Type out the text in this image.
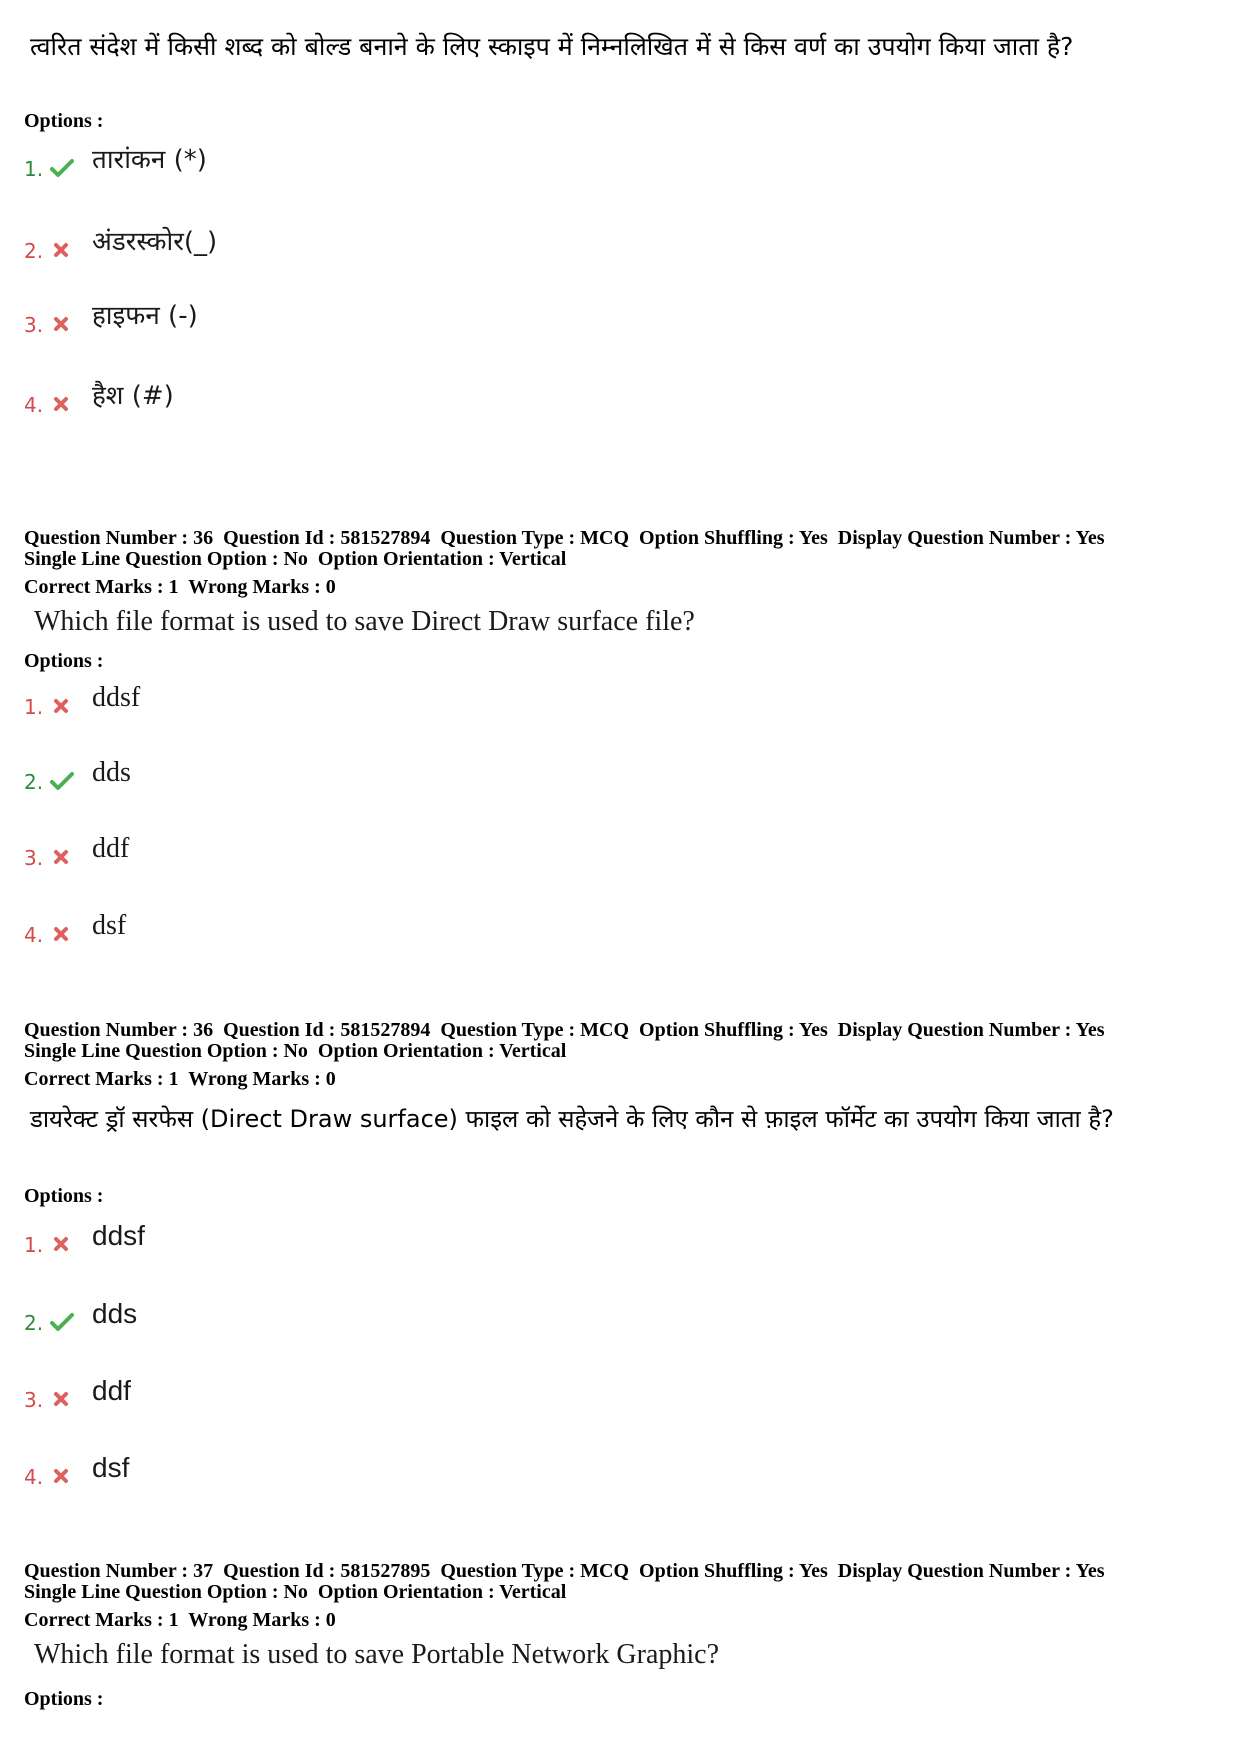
त्वरित संदेश में किसी शब्द को बोल्ड बनाने के लिए स्काइप में निम्नलिखित में से किस वर्ण का उपयोग किया जाता है?
Options :
1. तारांकन (*)
2. अंडरस्कोर(_)
3. हाइफन (-)
4. हैश (#)
Question Number : 36  Question Id : 581527894  Question Type : MCQ  Option Shuffling : Yes  Display Question Number : Yes
Single Line Question Option : No  Option Orientation : Vertical
Correct Marks : 1  Wrong Marks : 0
Which file format is used to save Direct Draw surface file?
Options :
1. ddsf
2. dds
3. ddf
4. dsf
Question Number : 36  Question Id : 581527894  Question Type : MCQ  Option Shuffling : Yes  Display Question Number : Yes
Single Line Question Option : No  Option Orientation : Vertical
Correct Marks : 1  Wrong Marks : 0
डायरेक्ट ड्रॉ सरफेस (Direct Draw surface) फाइल को सहेजने के लिए कौन से फ़ाइल फॉर्मेट का उपयोग किया जाता है?
Options :
1. ddsf
2. dds
3. ddf
4. dsf
Question Number : 37  Question Id : 581527895  Question Type : MCQ  Option Shuffling : Yes  Display Question Number : Yes
Single Line Question Option : No  Option Orientation : Vertical
Correct Marks : 1  Wrong Marks : 0
Which file format is used to save Portable Network Graphic?
Options :
